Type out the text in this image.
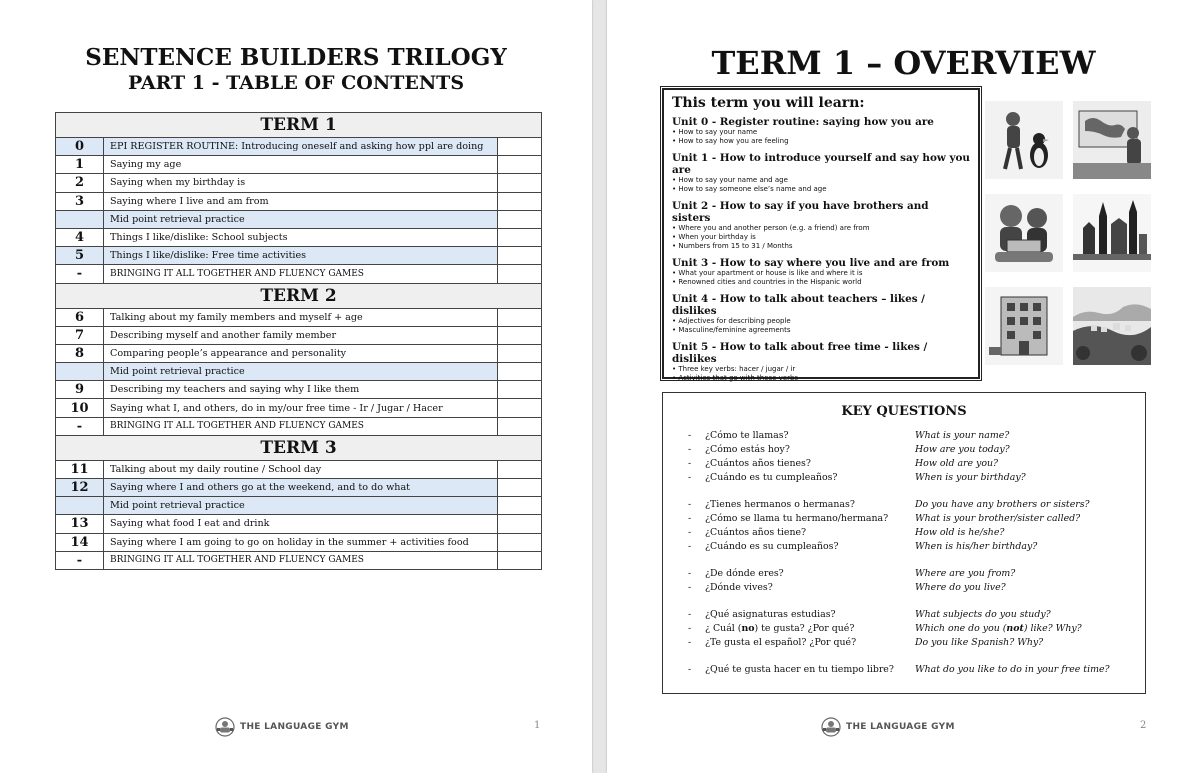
SENTENCE BUILDERS TRILOGY
PART 1 - TABLE OF CONTENTS
TERM 1		
0	EPI REGISTER ROUTINE: Introducing oneself and asking how ppl are doing	
1	Saying my age	
2	Saying when my birthday is	
3	Saying where I live and am from	
	Mid point retrieval practice	
4	Things I like/dislike: School subjects	
5	Things I like/dislike: Free time activities	
-	BRINGING IT ALL TOGETHER AND FLUENCY GAMES	
TERM 2		
6	Talking about my family members and myself + age	
7	Describing myself and another family member	
8	Comparing people’s appearance and personality	
	Mid point retrieval practice	
9	Describing my teachers and saying why I like them	
10	Saying what I, and others, do in my/our free time - Ir / Jugar / Hacer	
-	BRINGING IT ALL TOGETHER AND FLUENCY GAMES	
TERM 3		
11	Talking about my daily routine / School day	
12	Saying where I and others go at the weekend, and to do what	
	Mid point retrieval practice	
13	Saying what food I eat and drink	
14	Saying where I am going to go on holiday in the summer + activities food	
-	BRINGING IT ALL TOGETHER AND FLUENCY GAMES	
THE LANGUAGE GYM	1
TERM 1 – OVERVIEW
This term you will learn:
Unit 0 - Register routine: saying how you are
• How to say your name
• How to say how you are feeling
Unit 1 - How to introduce yourself and say how you are
• How to say your name and age
• How to say someone else’s name and age
Unit 2 - How to say if you have brothers and sisters
• Where you and another person (e.g. a friend) are from
• When your birthday is
• Numbers from 15 to 31 / Months
Unit 3 - How to say where you live and are from
• What your apartment or house is like and where it is
• Renowned cities and countries in the Hispanic world
Unit 4 - How to talk about teachers – likes / dislikes
• Adjectives for describing people
• Masculine/feminine agreements
Unit 5 - How to talk about free time - likes / dislikes
• Three key verbs: hacer / jugar / ir
• Activities that go with those verbs
KEY QUESTIONS
- ¿Cómo te llamas?	What is your name?
- ¿Cómo estás hoy?	How are you today?
- ¿Cuántos años tienes?	How old are you?
- ¿Cuándo es tu cumpleaños?	When is your birthday?
- ¿Tienes hermanos o hermanas?	Do you have any brothers or sisters?
- ¿Cómo se llama tu hermano/hermana?	What is your brother/sister called?
- ¿Cuántos años tiene?	How old is he/she?
- ¿Cuándo es su cumpleaños?	When is his/her birthday?
- ¿De dónde eres?	Where are you from?
- ¿Dónde vives?	Where do you live?
- ¿Qué asignaturas estudias?	What subjects do you study?
- ¿ Cuál (no) te gusta? ¿Por qué?	Which one do you (not) like? Why?
- ¿Te gusta el español? ¿Por qué?	Do you like Spanish? Why?
- ¿Qué te gusta hacer en tu tiempo libre? What do you like to do in your free time?
THE LANGUAGE GYM	2
